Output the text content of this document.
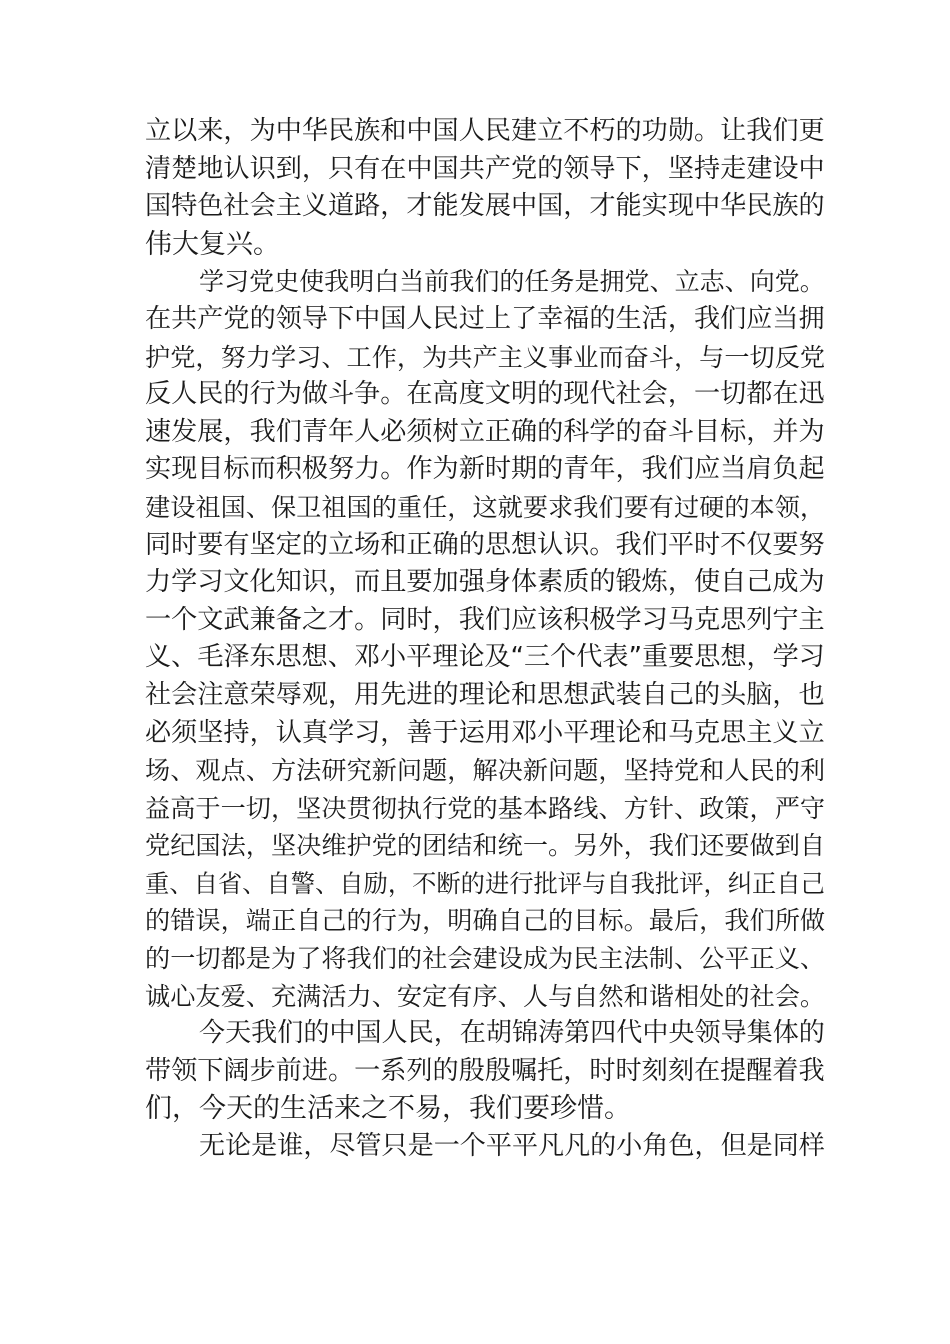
立以来，为中华民族和中国人民建立不朽的功勋。让我们更
清楚地认识到，只有在中国共产党的领导下，坚持走建设中
国特色社会主义道路，才能发展中国，才能实现中华民族的
伟大复兴。
学习党史使我明白当前我们的任务是拥党、立志、向党。
在共产党的领导下中国人民过上了幸福的生活，我们应当拥
护党，努力学习、工作，为共产主义事业而奋斗，与一切反党
反人民的行为做斗争。在高度文明的现代社会，一切都在迅
速发展，我们青年人必须树立正确的科学的奋斗目标，并为
实现目标而积极努力。作为新时期的青年，我们应当肩负起
建设祖国、保卫祖国的重任，这就要求我们要有过硬的本领，
同时要有坚定的立场和正确的思想认识。我们平时不仅要努
力学习文化知识，而且要加强身体素质的锻炼，使自己成为
一个文武兼备之才。同时，我们应该积极学习马克思列宁主
义、毛泽东思想、邓小平理论及“三个代表”重要思想，学习
社会注意荣辱观，用先进的理论和思想武装自己的头脑，也
必须坚持，认真学习，善于运用邓小平理论和马克思主义立
场、观点、方法研究新问题，解决新问题，坚持党和人民的利
益高于一切，坚决贯彻执行党的基本路线、方针、政策，严守
党纪国法，坚决维护党的团结和统一。另外，我们还要做到自
重、自省、自警、自励，不断的进行批评与自我批评，纠正自己
的错误，端正自己的行为，明确自己的目标。最后，我们所做
的一切都是为了将我们的社会建设成为民主法制、公平正义、
诚心友爱、充满活力、安定有序、人与自然和谐相处的社会。
今天我们的中国人民，在胡锦涛第四代中央领导集体的
带领下阔步前进。一系列的殷殷嘱托，时时刻刻在提醒着我
们，今天的生活来之不易，我们要珍惜。
无论是谁，尽管只是一个平平凡凡的小角色，但是同样
